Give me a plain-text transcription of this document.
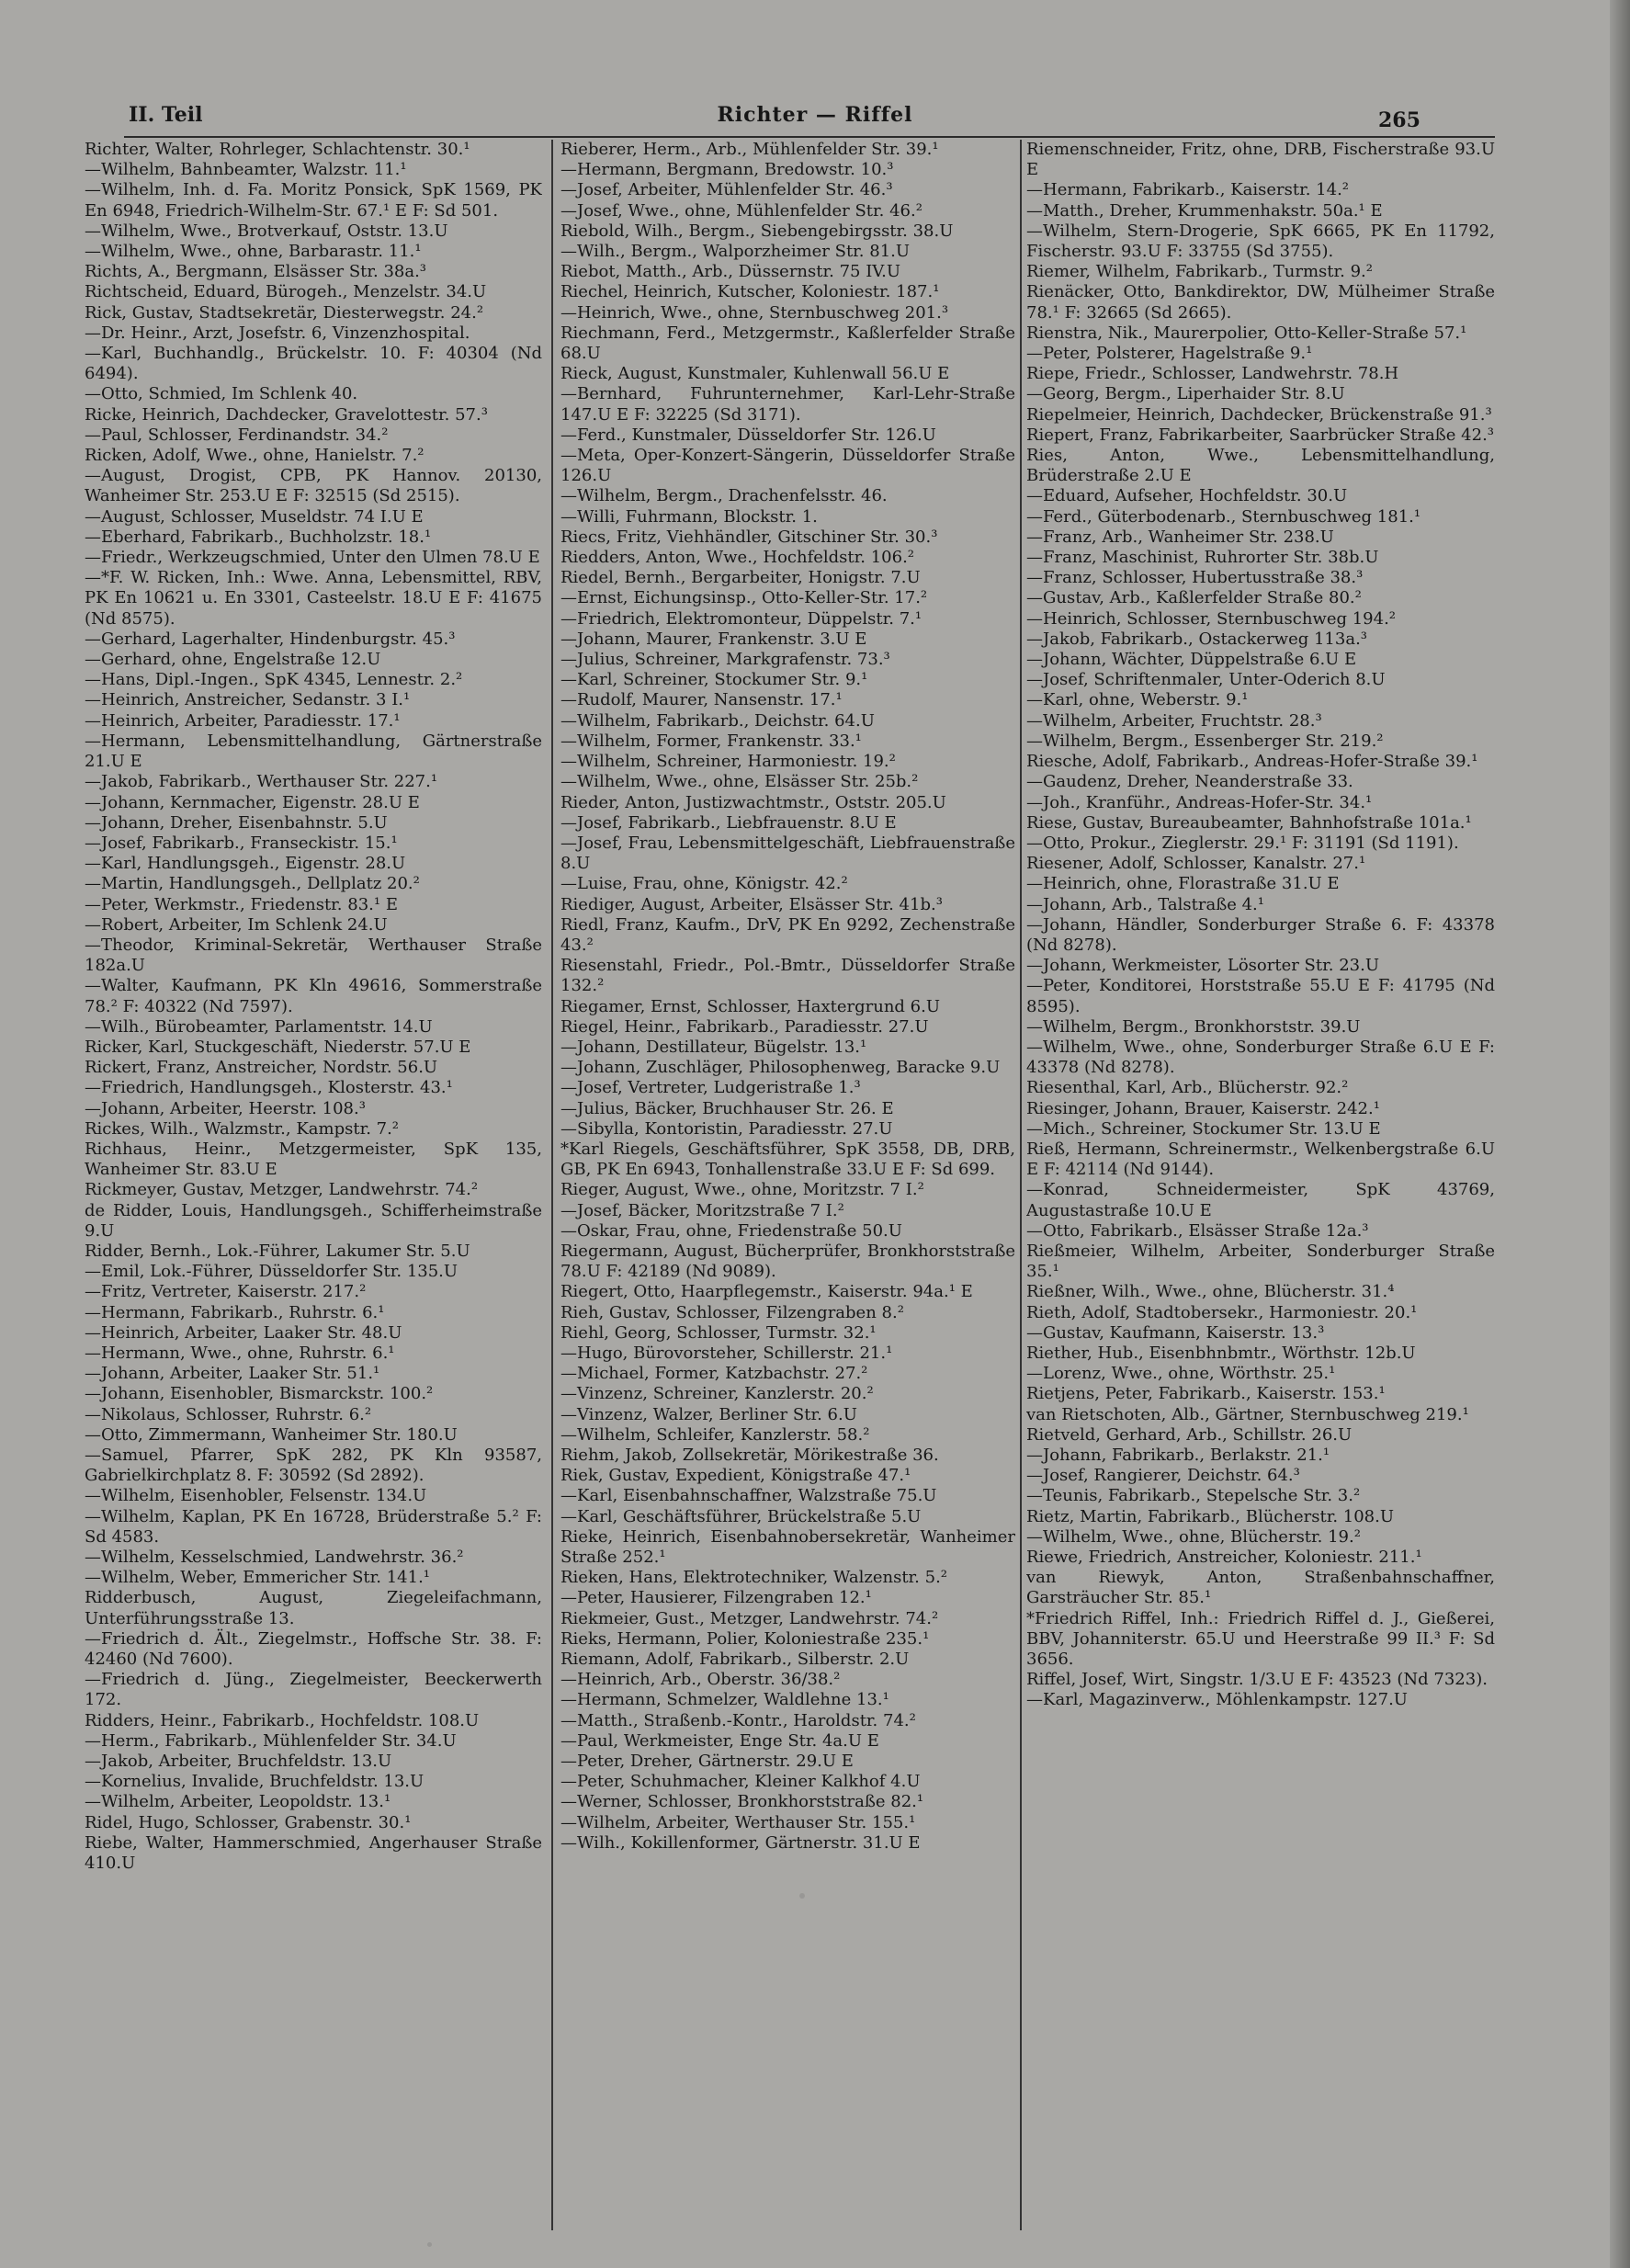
II. Teil	Richter — Riffel	265

Richter, Walter, Rohrleger, Schlachtenstr. 30.¹

—Wilhelm, Bahnbeamter, Walzstr. 11.¹

—Wilhelm, Inh. d. Fa. Moritz Ponsick, SpK 1569, PK En 6948, Friedrich-Wilhelm-Str. 67.¹ E F: Sd 501.

—Wilhelm, Wwe., Brotverkauf, Oststr. 13.U

—Wilhelm, Wwe., ohne, Barbarastr. 11.¹

Richts, A., Bergmann, Elsässer Str. 38a.³

Richtscheid, Eduard, Bürogeh., Menzelstr. 34.U

Rick, Gustav, Stadtsekretär, Diesterwegstr. 24.²

—Dr. Heinr., Arzt, Josefstr. 6, Vinzenzhospital.

—Karl, Buchhandlg., Brückelstr. 10. F: 40304 (Nd 6494).

—Otto, Schmied, Im Schlenk 40.

Ricke, Heinrich, Dachdecker, Gravelottestr. 57.³

—Paul, Schlosser, Ferdinandstr. 34.²

Ricken, Adolf, Wwe., ohne, Hanielstr. 7.²

—August, Drogist, CPB, PK Hannov. 20130, Wanheimer Str. 253.U E F: 32515 (Sd 2515).

—August, Schlosser, Museldstr. 74 I.U E

—Eberhard, Fabrikarb., Buchholzstr. 18.¹

—Friedr., Werkzeugschmied, Unter den Ulmen 78.U E

—*F. W. Ricken, Inh.: Wwe. Anna, Lebensmittel, RBV, PK En 10621 u. En 3301, Casteelstr. 18.U E F: 41675 (Nd 8575).

—Gerhard, Lagerhalter, Hindenburgstr. 45.³

—Gerhard, ohne, Engelstraße 12.U

—Hans, Dipl.-Ingen., SpK 4345, Lennestr. 2.²

—Heinrich, Anstreicher, Sedanstr. 3 I.¹

—Heinrich, Arbeiter, Paradiesstr. 17.¹

—Hermann, Lebensmittelhandlung, Gärtnerstraße 21.U E

—Jakob, Fabrikarb., Werthauser Str. 227.¹

—Johann, Kernmacher, Eigenstr. 28.U E

—Johann, Dreher, Eisenbahnstr. 5.U

—Josef, Fabrikarb., Franseckistr. 15.¹

—Karl, Handlungsgeh., Eigenstr. 28.U

—Martin, Handlungsgeh., Dellplatz 20.²

—Peter, Werkmstr., Friedenstr. 83.¹ E

—Robert, Arbeiter, Im Schlenk 24.U

—Theodor, Kriminal-Sekretär, Werthauser Straße 182a.U

—Walter, Kaufmann, PK Kln 49616, Sommerstraße 78.² F: 40322 (Nd 7597).

—Wilh., Bürobeamter, Parlamentstr. 14.U

Ricker, Karl, Stuckgeschäft, Niederstr. 57.U E

Rickert, Franz, Anstreicher, Nordstr. 56.U

—Friedrich, Handlungsgeh., Klosterstr. 43.¹

—Johann, Arbeiter, Heerstr. 108.³

Rickes, Wilh., Walzmstr., Kampstr. 7.²

Richhaus, Heinr., Metzgermeister, SpK 135, Wanheimer Str. 83.U E

Rickmeyer, Gustav, Metzger, Landwehrstr. 74.²

de Ridder, Louis, Handlungsgeh., Schifferheimstraße 9.U

Ridder, Bernh., Lok.-Führer, Lakumer Str. 5.U

—Emil, Lok.-Führer, Düsseldorfer Str. 135.U

—Fritz, Vertreter, Kaiserstr. 217.²

—Hermann, Fabrikarb., Ruhrstr. 6.¹

—Heinrich, Arbeiter, Laaker Str. 48.U

—Hermann, Wwe., ohne, Ruhrstr. 6.¹

—Johann, Arbeiter, Laaker Str. 51.¹

—Johann, Eisenhobler, Bismarckstr. 100.²

—Nikolaus, Schlosser, Ruhrstr. 6.²

—Otto, Zimmermann, Wanheimer Str. 180.U

—Samuel, Pfarrer, SpK 282, PK Kln 93587, Gabrielkirchplatz 8. F: 30592 (Sd 2892).

—Wilhelm, Eisenhobler, Felsenstr. 134.U

—Wilhelm, Kaplan, PK En 16728, Brüderstraße 5.² F: Sd 4583.

—Wilhelm, Kesselschmied, Landwehrstr. 36.²

—Wilhelm, Weber, Emmericher Str. 141.¹

Ridderbusch, August, Ziegeleifachmann, Unterführungsstraße 13.

—Friedrich d. Ält., Ziegelmstr., Hoffsche Str. 38. F: 42460 (Nd 7600).

—Friedrich d. Jüng., Ziegelmeister, Beeckerwerth 172.

Ridders, Heinr., Fabrikarb., Hochfeldstr. 108.U

—Herm., Fabrikarb., Mühlenfelder Str. 34.U

—Jakob, Arbeiter, Bruchfeldstr. 13.U

—Kornelius, Invalide, Bruchfeldstr. 13.U

—Wilhelm, Arbeiter, Leopoldstr. 13.¹

Ridel, Hugo, Schlosser, Grabenstr. 30.¹

Riebe, Walter, Hammerschmied, Angerhauser Straße 410.U

Rieberer, Herm., Arb., Mühlenfelder Str. 39.¹

—Hermann, Bergmann, Bredowstr. 10.³

—Josef, Arbeiter, Mühlenfelder Str. 46.³

—Josef, Wwe., ohne, Mühlenfelder Str. 46.²

Riebold, Wilh., Bergm., Siebengebirgsstr. 38.U

—Wilh., Bergm., Walporzheimer Str. 81.U

Riebot, Matth., Arb., Düssernstr. 75 IV.U

Riechel, Heinrich, Kutscher, Koloniestr. 187.¹

—Heinrich, Wwe., ohne, Sternbuschweg 201.³

Riechmann, Ferd., Metzgermstr., Kaßlerfelder Straße 68.U

Rieck, August, Kunstmaler, Kuhlenwall 56.U E

—Bernhard, Fuhrunternehmer, Karl-Lehr-Straße 147.U E F: 32225 (Sd 3171).

—Ferd., Kunstmaler, Düsseldorfer Str. 126.U

—Meta, Oper-Konzert-Sängerin, Düsseldorfer Straße 126.U

—Wilhelm, Bergm., Drachenfelsstr. 46.

—Willi, Fuhrmann, Blockstr. 1.

Riecs, Fritz, Viehhändler, Gitschiner Str. 30.³

Riedders, Anton, Wwe., Hochfeldstr. 106.²

Riedel, Bernh., Bergarbeiter, Honigstr. 7.U

—Ernst, Eichungsinsp., Otto-Keller-Str. 17.²

—Friedrich, Elektromonteur, Düppelstr. 7.¹

—Johann, Maurer, Frankenstr. 3.U E

—Julius, Schreiner, Markgrafenstr. 73.³

—Karl, Schreiner, Stockumer Str. 9.¹

—Rudolf, Maurer, Nansenstr. 17.¹

—Wilhelm, Fabrikarb., Deichstr. 64.U

—Wilhelm, Former, Frankenstr. 33.¹

—Wilhelm, Schreiner, Harmoniestr. 19.²

—Wilhelm, Wwe., ohne, Elsässer Str. 25b.²

Rieder, Anton, Justizwachtmstr., Oststr. 205.U

—Josef, Fabrikarb., Liebfrauenstr. 8.U E

—Josef, Frau, Lebensmittelgeschäft, Liebfrauenstraße 8.U

—Luise, Frau, ohne, Königstr. 42.²

Riediger, August, Arbeiter, Elsässer Str. 41b.³

Riedl, Franz, Kaufm., DrV, PK En 9292, Zechenstraße 43.²

Riesenstahl, Friedr., Pol.-Bmtr., Düsseldorfer Straße 132.²

Riegamer, Ernst, Schlosser, Haxtergrund 6.U

Riegel, Heinr., Fabrikarb., Paradiesstr. 27.U

—Johann, Destillateur, Bügelstr. 13.¹

—Johann, Zuschläger, Philosophenweg, Baracke 9.U

—Josef, Vertreter, Ludgeristraße 1.³

—Julius, Bäcker, Bruchhauser Str. 26. E

—Sibylla, Kontoristin, Paradiesstr. 27.U

*Karl Riegels, Geschäftsführer, SpK 3558, DB, DRB, GB, PK En 6943, Tonhallenstraße 33.U E F: Sd 699.

Rieger, August, Wwe., ohne, Moritzstr. 7 I.²

—Josef, Bäcker, Moritzstraße 7 I.²

—Oskar, Frau, ohne, Friedenstraße 50.U

Riegermann, August, Bücherprüfer, Bronkhorststraße 78.U F: 42189 (Nd 9089).

Riegert, Otto, Haarpflegemstr., Kaiserstr. 94a.¹ E

Rieh, Gustav, Schlosser, Filzengraben 8.²

Riehl, Georg, Schlosser, Turmstr. 32.¹

—Hugo, Bürovorsteher, Schillerstr. 21.¹

—Michael, Former, Katzbachstr. 27.²

—Vinzenz, Schreiner, Kanzlerstr. 20.²

—Vinzenz, Walzer, Berliner Str. 6.U

—Wilhelm, Schleifer, Kanzlerstr. 58.²

Riehm, Jakob, Zollsekretär, Mörikestraße 36.

Riek, Gustav, Expedient, Königstraße 47.¹

—Karl, Eisenbahnschaffner, Walzstraße 75.U

—Karl, Geschäftsführer, Brückelstraße 5.U

Rieke, Heinrich, Eisenbahnobersekretär, Wanheimer Straße 252.¹

Rieken, Hans, Elektrotechniker, Walzenstr. 5.²

—Peter, Hausierer, Filzengraben 12.¹

Riekmeier, Gust., Metzger, Landwehrstr. 74.²

Rieks, Hermann, Polier, Koloniestraße 235.¹

Riemann, Adolf, Fabrikarb., Silberstr. 2.U

—Heinrich, Arb., Oberstr. 36/38.²

—Hermann, Schmelzer, Waldlehne 13.¹

—Matth., Straßenb.-Kontr., Haroldstr. 74.²

—Paul, Werkmeister, Enge Str. 4a.U E

—Peter, Dreher, Gärtnerstr. 29.U E

—Peter, Schuhmacher, Kleiner Kalkhof 4.U

—Werner, Schlosser, Bronkhorststraße 82.¹

—Wilhelm, Arbeiter, Werthauser Str. 155.¹

—Wilh., Kokillenformer, Gärtnerstr. 31.U E

Riemenschneider, Fritz, ohne, DRB, Fischerstraße 93.U E

—Hermann, Fabrikarb., Kaiserstr. 14.²

—Matth., Dreher, Krummenhakstr. 50a.¹ E

—Wilhelm, Stern-Drogerie, SpK 6665, PK En 11792, Fischerstr. 93.U F: 33755 (Sd 3755).

Riemer, Wilhelm, Fabrikarb., Turmstr. 9.²

Rienäcker, Otto, Bankdirektor, DW, Mülheimer Straße 78.¹ F: 32665 (Sd 2665).

Rienstra, Nik., Maurerpolier, Otto-Keller-Straße 57.¹

—Peter, Polsterer, Hagelstraße 9.¹

Riepe, Friedr., Schlosser, Landwehrstr. 78.H

—Georg, Bergm., Liperhaider Str. 8.U

Riepelmeier, Heinrich, Dachdecker, Brückenstraße 91.³

Riepert, Franz, Fabrikarbeiter, Saarbrücker Straße 42.³

Ries, Anton, Wwe., Lebensmittelhandlung, Brüderstraße 2.U E

—Eduard, Aufseher, Hochfeldstr. 30.U

—Ferd., Güterbodenarb., Sternbuschweg 181.¹

—Franz, Arb., Wanheimer Str. 238.U

—Franz, Maschinist, Ruhrorter Str. 38b.U

—Franz, Schlosser, Hubertusstraße 38.³

—Gustav, Arb., Kaßlerfelder Straße 80.²

—Heinrich, Schlosser, Sternbuschweg 194.²

—Jakob, Fabrikarb., Ostackerweg 113a.³

—Johann, Wächter, Düppelstraße 6.U E

—Josef, Schriftenmaler, Unter-Oderich 8.U

—Karl, ohne, Weberstr. 9.¹

—Wilhelm, Arbeiter, Fruchtstr. 28.³

—Wilhelm, Bergm., Essenberger Str. 219.²

Riesche, Adolf, Fabrikarb., Andreas-Hofer-Straße 39.¹

—Gaudenz, Dreher, Neanderstraße 33.

—Joh., Kranführ., Andreas-Hofer-Str. 34.¹

Riese, Gustav, Bureaubeamter, Bahnhofstraße 101a.¹

—Otto, Prokur., Zieglerstr. 29.¹ F: 31191 (Sd 1191).

Riesener, Adolf, Schlosser, Kanalstr. 27.¹

—Heinrich, ohne, Florastraße 31.U E

—Johann, Arb., Talstraße 4.¹

—Johann, Händler, Sonderburger Straße 6. F: 43378 (Nd 8278).

—Johann, Werkmeister, Lösorter Str. 23.U

—Peter, Konditorei, Horststraße 55.U E F: 41795 (Nd 8595).

—Wilhelm, Bergm., Bronkhorststr. 39.U

—Wilhelm, Wwe., ohne, Sonderburger Straße 6.U E F: 43378 (Nd 8278).

Riesenthal, Karl, Arb., Blücherstr. 92.²

Riesinger, Johann, Brauer, Kaiserstr. 242.¹

—Mich., Schreiner, Stockumer Str. 13.U E

Rieß, Hermann, Schreinermstr., Welkenbergstraße 6.U E F: 42114 (Nd 9144).

—Konrad, Schneidermeister, SpK 43769, Augustastraße 10.U E

—Otto, Fabrikarb., Elsässer Straße 12a.³

Rießmeier, Wilhelm, Arbeiter, Sonderburger Straße 35.¹

Rießner, Wilh., Wwe., ohne, Blücherstr. 31.⁴

Rieth, Adolf, Stadtobersekr., Harmoniestr. 20.¹

—Gustav, Kaufmann, Kaiserstr. 13.³

Riether, Hub., Eisenbhnbmtr., Wörthstr. 12b.U

—Lorenz, Wwe., ohne, Wörthstr. 25.¹

Rietjens, Peter, Fabrikarb., Kaiserstr. 153.¹

van Rietschoten, Alb., Gärtner, Sternbuschweg 219.¹

Rietveld, Gerhard, Arb., Schillstr. 26.U

—Johann, Fabrikarb., Berlakstr. 21.¹

—Josef, Rangierer, Deichstr. 64.³

—Teunis, Fabrikarb., Stepelsche Str. 3.²

Rietz, Martin, Fabrikarb., Blücherstr. 108.U

—Wilhelm, Wwe., ohne, Blücherstr. 19.²

Riewe, Friedrich, Anstreicher, Koloniestr. 211.¹

van Riewyk, Anton, Straßenbahnschaffner, Garsträucher Str. 85.¹

*Friedrich Riffel, Inh.: Friedrich Riffel d. J., Gießerei, BBV, Johanniterstr. 65.U und Heerstraße 99 II.³ F: Sd 3656.

Riffel, Josef, Wirt, Singstr. 1/3.U E F: 43523 (Nd 7323).

—Karl, Magazinverw., Möhlenkampstr. 127.U
